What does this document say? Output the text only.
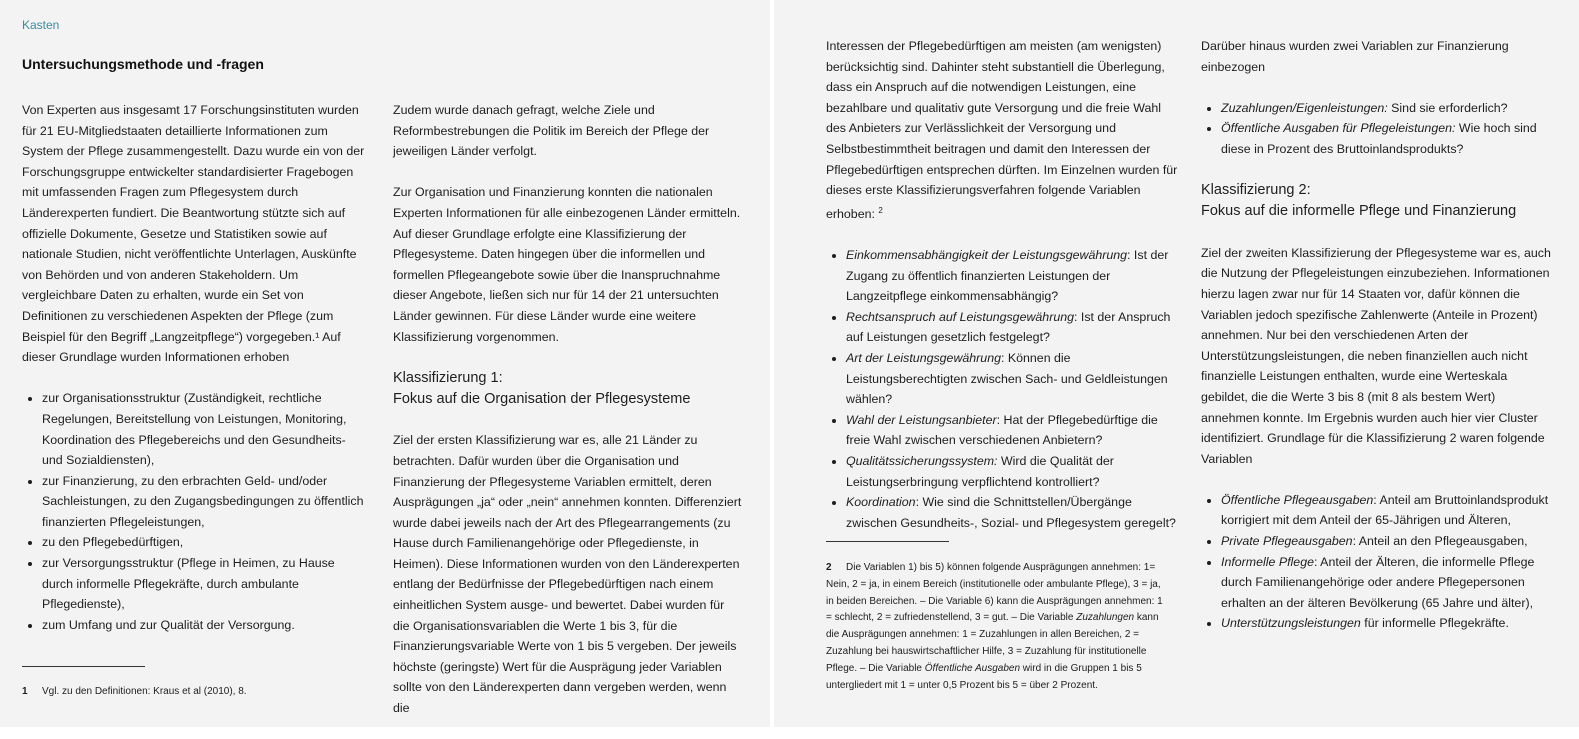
Kasten
Untersuchungsmethode und -fragen

Von Experten aus insgesamt 17 Forschungsinstituten wurden für 21 EU-Mitgliedstaaten detaillierte Informationen zum System der Pflege zusammengestellt. Dazu wurde ein von der Forschungsgruppe entwickelter standardisierter Fragebogen mit umfassenden Fragen zum Pflegesystem durch Länderexperten fundiert. Die Beantwortung stützte sich auf offizielle Dokumente, Gesetze und Statistiken sowie auf nationale Studien, nicht veröffentlichte Unterlagen, Auskünfte von Behörden und von anderen Stakeholdern. Um vergleichbare Daten zu erhalten, wurde ein Set von Definitionen zu verschiedenen Aspekten der Pflege (zum Beispiel für den Begriff „Langzeitpflege“) vorgegeben.¹ Auf dieser Grundlage wurden Informationen erhoben

• zur Organisationsstruktur (Zuständigkeit, rechtliche Regelungen, Bereitstellung von Leistungen, Monitoring, Koordination des Pflegebereichs und den Gesundheits- und Sozialdiensten),
• zur Finanzierung, zu den erbrachten Geld- und/oder Sachleistungen, zu den Zugangsbedingungen zu öffentlich finanzierten Pflegeleistungen,
• zu den Pflegebedürftigen,
• zur Versorgungsstruktur (Pflege in Heimen, zu Hause durch informelle Pflegekräfte, durch ambulante Pflegedienste),
• zum Umfang und zur Qualität der Versorgung.

Zudem wurde danach gefragt, welche Ziele und Reformbestrebungen die Politik im Bereich der Pflege der jeweiligen Länder verfolgt.

Zur Organisation und Finanzierung konnten die nationalen Experten Informationen für alle einbezogenen Länder ermitteln. Auf dieser Grundlage erfolgte eine Klassifizierung der Pflegesysteme. Daten hingegen über die informellen und formellen Pflegeangebote sowie über die Inanspruchnahme dieser Angebote, ließen sich nur für 14 der 21 untersuchten Länder gewinnen. Für diese Länder wurde eine weitere Klassifizierung vorgenommen.

Klassifizierung 1:
Fokus auf die Organisation der Pflegesysteme

Ziel der ersten Klassifizierung war es, alle 21 Länder zu betrachten. Dafür wurden über die Organisation und Finanzierung der Pflegesysteme Variablen ermittelt, deren Ausprägungen „ja“ oder „nein“ annehmen konnten. Differenziert wurde dabei jeweils nach der Art des Pflegearrangements (zu Hause durch Familienangehörige oder Pflegedienste, in Heimen). Diese Informationen wurden von den Länderexperten entlang der Bedürfnisse der Pflegebedürftigen nach einem einheitlichen System ausge- und bewertet. Dabei wurden für die Organisationsvariablen die Werte 1 bis 3, für die Finanzierungsvariable Werte von 1 bis 5 vergeben. Der jeweils höchste (geringste) Wert für die Ausprägung jeder Variablen sollte von den Länderexperten dann vergeben werden, wenn die

Interessen der Pflegebedürftigen am meisten (am wenigsten) berücksichtig sind. Dahinter steht substantiell die Überlegung, dass ein Anspruch auf die notwendigen Leistungen, eine bezahlbare und qualitativ gute Versorgung und die freie Wahl des Anbieters zur Verlässlichkeit der Versorgung und Selbstbestimmtheit beitragen und damit den Interessen der Pflegebedürftigen entsprechen dürften. Im Einzelnen wurden für dieses erste Klassifizierungsverfahren folgende Variablen erhoben: $^2$

• Einkommensabhängigkeit der Leistungsgewährung: Ist der Zugang zu öffentlich finanzierten Leistungen der Langzeitpflege einkommensabhängig?
• Rechtsanspruch auf Leistungsgewährung: Ist der Anspruch auf Leistungen gesetzlich festgelegt?
• Art der Leistungsgewährung: Können die Leistungsberechtigten zwischen Sach- und Geldleistungen wählen?
• Wahl der Leistungsanbieter: Hat der Pflegebedürftige die freie Wahl zwischen verschiedenen Anbietern?
• Qualitätssicherungssystem: Wird die Qualität der Leistungserbringung verpflichtend kontrolliert?
• Koordination: Wie sind die Schnittstellen/Übergänge zwischen Gesundheits-, Sozial- und Pflegesystem geregelt?

Darüber hinaus wurden zwei Variablen zur Finanzierung einbezogen

• Zuzahlungen/Eigenleistungen: Sind sie erforderlich?
• Öffentliche Ausgaben für Pflegeleistungen: Wie hoch sind diese in Prozent des Bruttoinlandsprodukts?
Klassifizierung 2:
Fokus auf die informelle Pflege und Finanzierung

Ziel der zweiten Klassifizierung der Pflegesysteme war es, auch die Nutzung der Pflegeleistungen einzubeziehen. Informationen hierzu lagen zwar nur für 14 Staaten vor, dafür können die Variablen jedoch spezifische Zahlenwerte (Anteile in Prozent) annehmen. Nur bei den verschiedenen Arten der Unterstützungsleistungen, die neben finanziellen auch nicht finanzielle Leistungen enthalten, wurde eine Werteskala gebildet, die die Werte 3 bis 8 (mit 8 als bestem Wert) annehmen konnte. Im Ergebnis wurden auch hier vier Cluster identifiziert. Grundlage für die Klassifizierung 2 waren folgende Variablen

• Öffentliche Pflegeausgaben: Anteil am Bruttoinlandsprodukt korrigiert mit dem Anteil der 65-Jährigen und Älteren,
• Private Pflegeausgaben: Anteil an den Pflegeausgaben,
• Informelle Pflege: Anteil der Älteren, die informelle Pflege durch Familienangehörige oder andere Pflegepersonen erhalten an der älteren Bevölkerung (65 Jahre und älter),
• Unterstützungsleistungen für informelle Pflegekräfte.
1 Vgl. zu den Definitionen: Kraus et al (2010), 8.
2 Die Variablen 1) bis 5) können folgende Ausprägungen annehmen: 1= Nein, 2 = ja, in einem Bereich (institutionelle oder ambulante Pflege), 3 = ja, in beiden Bereichen. – Die Variable 6) kann die Ausprägungen annehmen: 1 = schlecht, 2 = zufriedenstellend, 3 = gut. – Die Variable Zuzahlungen kann die Ausprägungen annehmen: 1 = Zuzahlungen in allen Bereichen, 2 = Zuzahlung bei hauswirtschaftlicher Hilfe, 3 = Zuzahlung für institutionelle Pflege. – Die Variable Öffentliche Ausgaben wird in die Gruppen 1 bis 5 untergliedert mit 1 = unter 0,5 Prozent bis 5 = über 2 Prozent.
